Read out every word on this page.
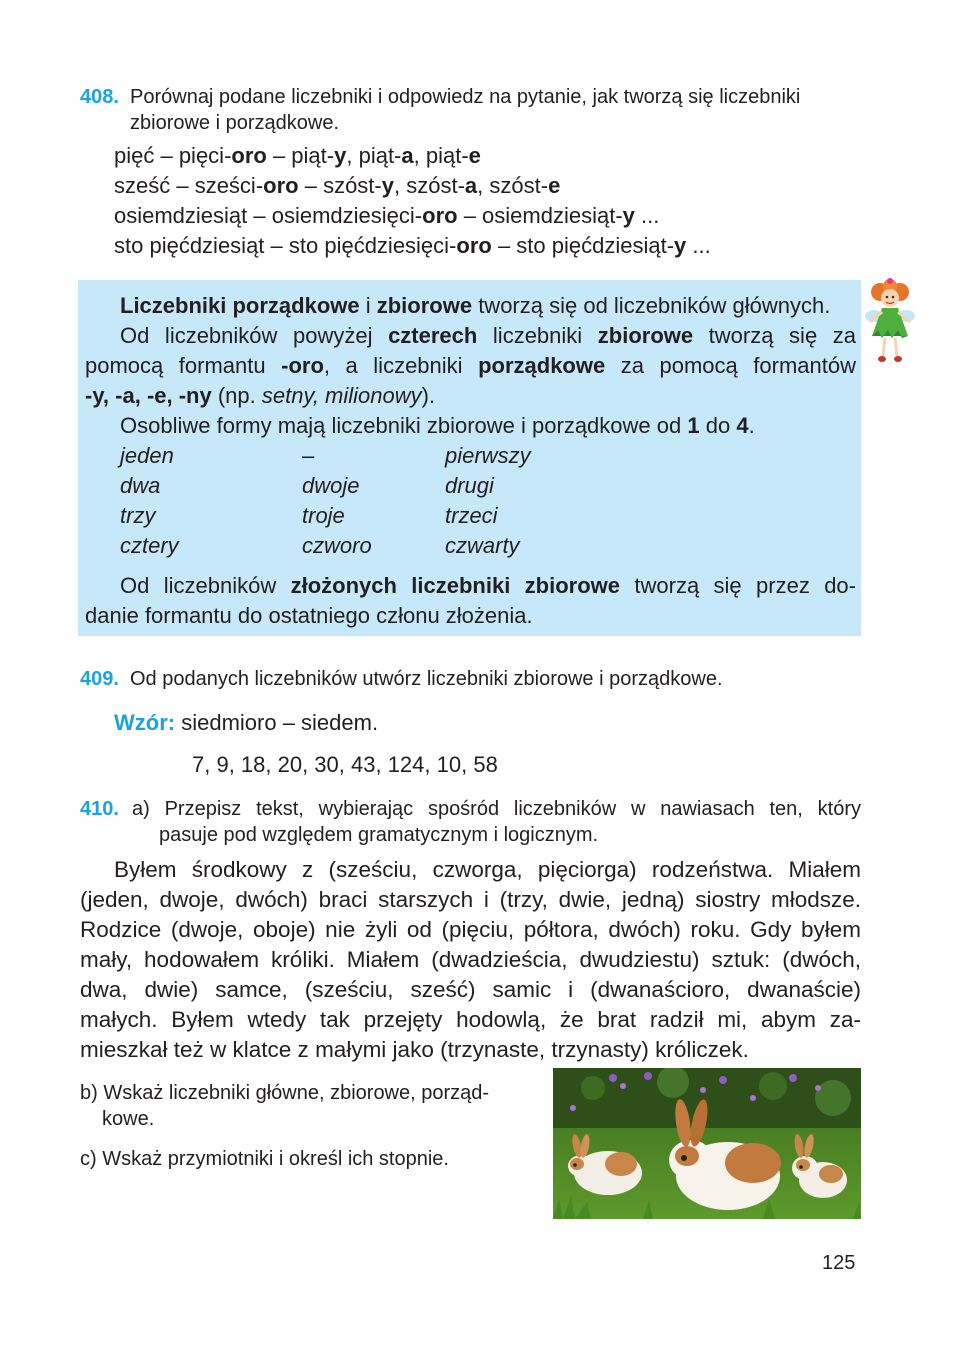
408. Porównaj podane liczebniki i odpowiedz na pytanie, jak tworzą się liczebniki
zbiorowe i porządkowe.
pięć – pięci-oro – piąt-y, piąt-a, piąt-e
sześć – sześci-oro – szóst-y, szóst-a, szóst-e
osiemdziesiąt – osiemdziesięci-oro – osiemdziesiąt-y ...
sto pięćdziesiąt – sto pięćdziesięci-oro – sto pięćdziesiąt-y ...
Liczebniki porządkowe i zbiorowe tworzą się od liczebników głównych.
Od liczebników powyżej czterech liczebniki zbiorowe tworzą się za
pomocą formantu -oro, a liczebniki porządkowe za pomocą formantów
-y, -a, -e, -ny (np. setny, milionowy).
Osobliwe formy mają liczebniki zbiorowe i porządkowe od 1 do 4.
jeden	–	pierwszy
dwa	dwoje	drugi
trzy	troje	trzeci
cztery	czworo	czwarty
Od liczebników złożonych liczebniki zbiorowe tworzą się przez do-
danie formantu do ostatniego członu złożenia.
409. Od podanych liczebników utwórz liczebniki zbiorowe i porządkowe.
Wzór: siedmioro – siedem.
7, 9, 18, 20, 30, 43, 124, 10, 58
410. a) Przepisz tekst, wybierając spośród liczebników w nawiasach ten, który
pasuje pod względem gramatycznym i logicznym.
Byłem środkowy z (sześciu, czworga, pięciorga) rodzeństwa. Miałem
(jeden, dwoje, dwóch) braci starszych i (trzy, dwie, jedną) siostry młodsze.
Rodzice (dwoje, oboje) nie żyli od (pięciu, półtora, dwóch) roku. Gdy byłem
mały, hodowałem króliki. Miałem (dwadzieścia, dwudziestu) sztuk: (dwóch,
dwa, dwie) samce, (sześciu, sześć) samic i (dwanaścioro, dwanaście)
małych. Byłem wtedy tak przejęty hodowlą, że brat radził mi, abym za-
mieszkał też w klatce z małymi jako (trzynaste, trzynasty) króliczek.
b) Wskaż liczebniki główne, zbiorowe, porząd-
kowe.
c) Wskaż przymiotniki i określ ich stopnie.
125
